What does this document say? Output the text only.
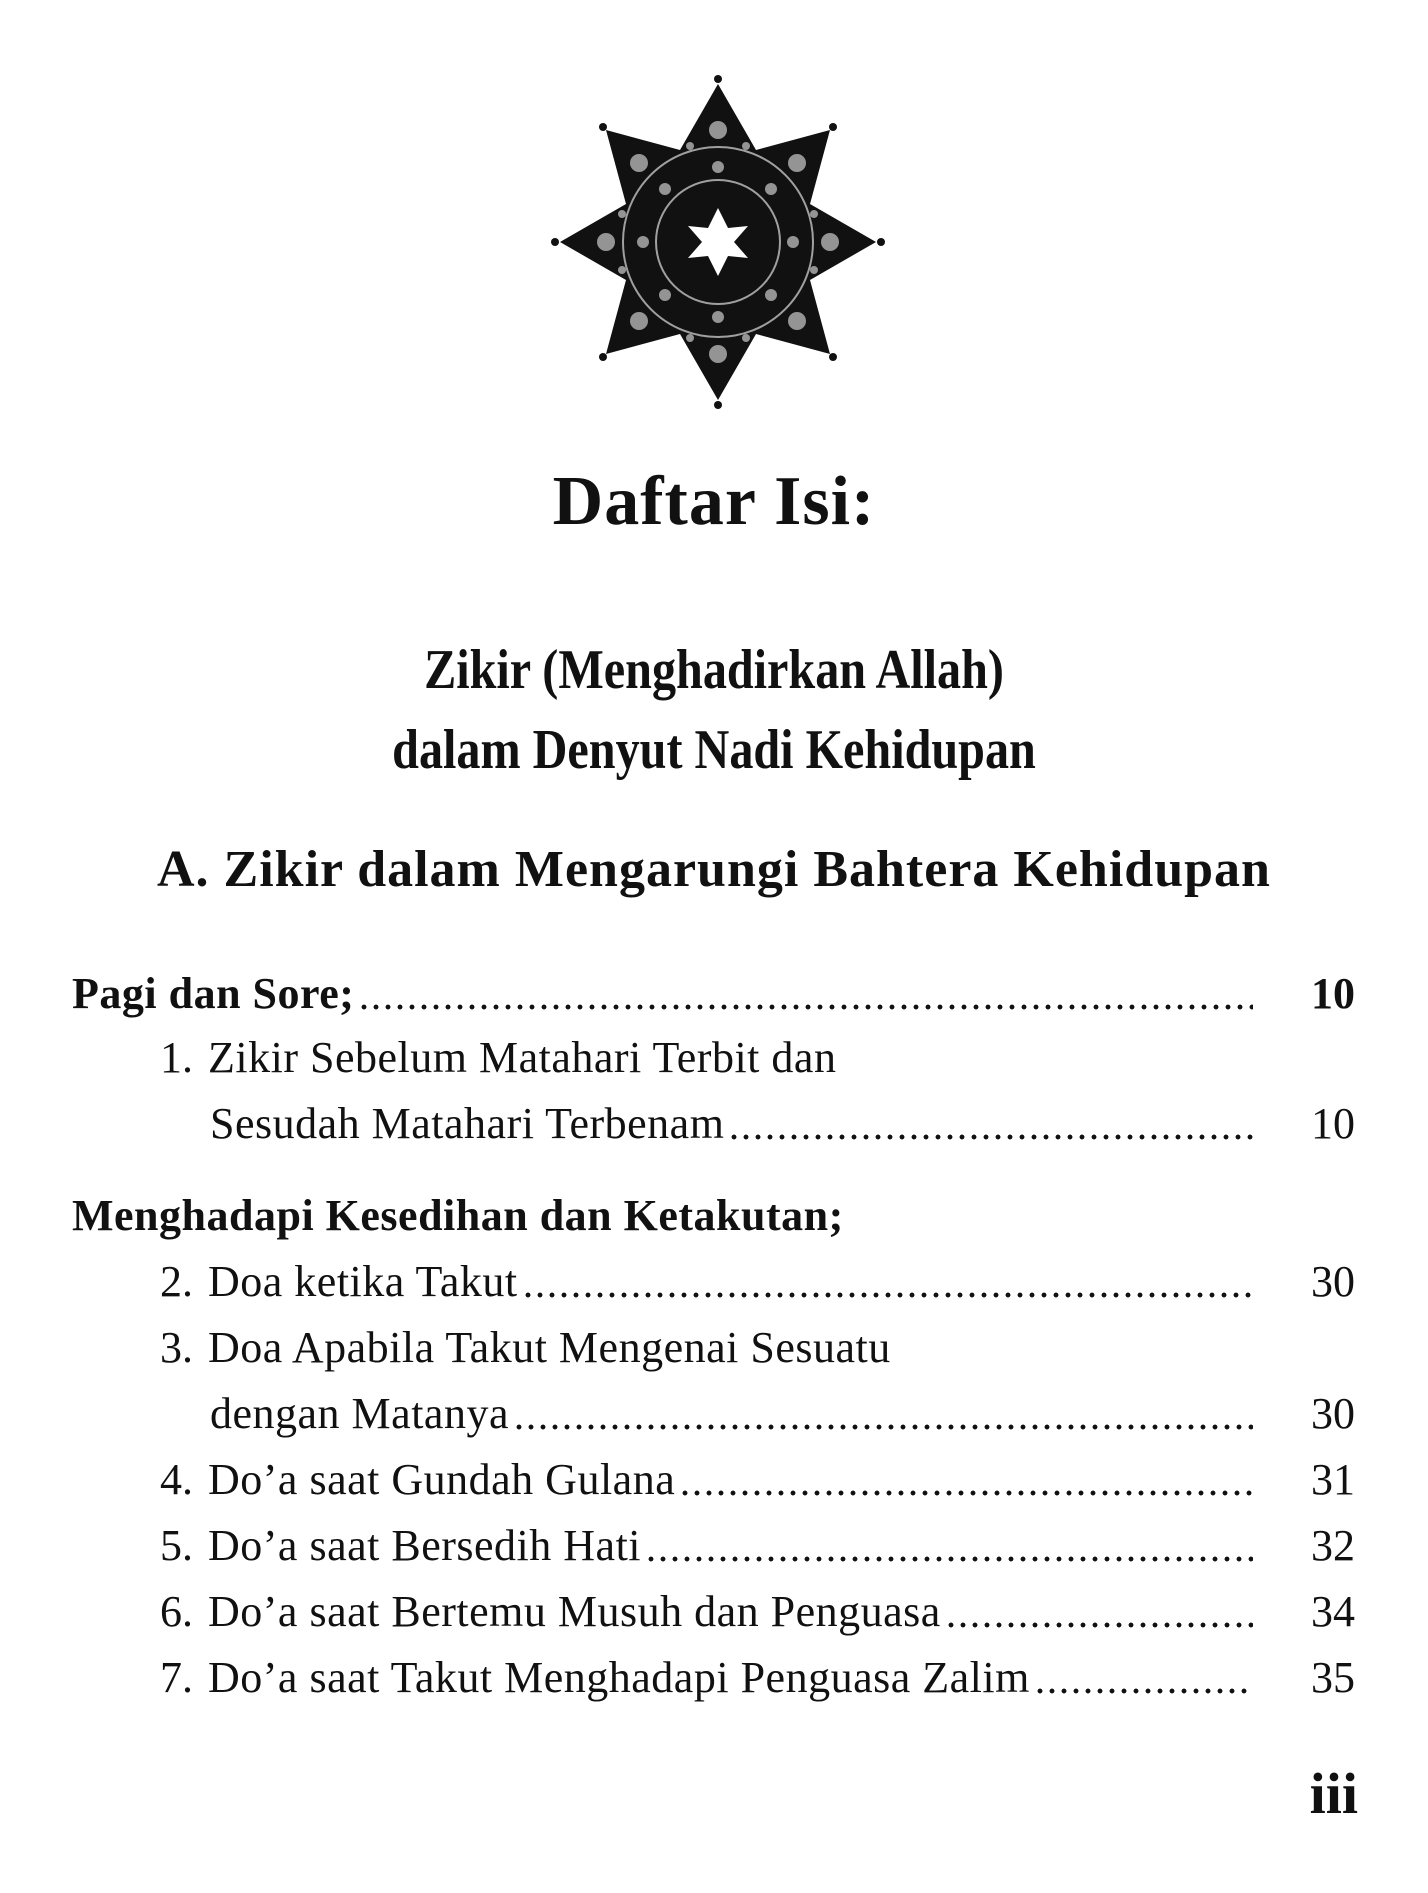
Daftar Isi:
Zikir (Menghadirkan Allah)
dalam Denyut Nadi Kehidupan
A. Zikir dalam Mengarungi Bahtera Kehidupan
Pagi dan Sore;	10
1. Zikir Sebelum Matahari Terbit dan
Sesudah Matahari Terbenam	10
Menghadapi Kesedihan dan Ketakutan;
2. Doa ketika Takut	30
3. Doa Apabila Takut Mengenai Sesuatu
dengan Matanya	30
4. Do’a saat Gundah Gulana	31
5. Do’a saat Bersedih Hati	32
6. Do’a saat Bertemu Musuh dan Penguasa	34
7. Do’a saat Takut Menghadapi Penguasa Zalim	35
iii
